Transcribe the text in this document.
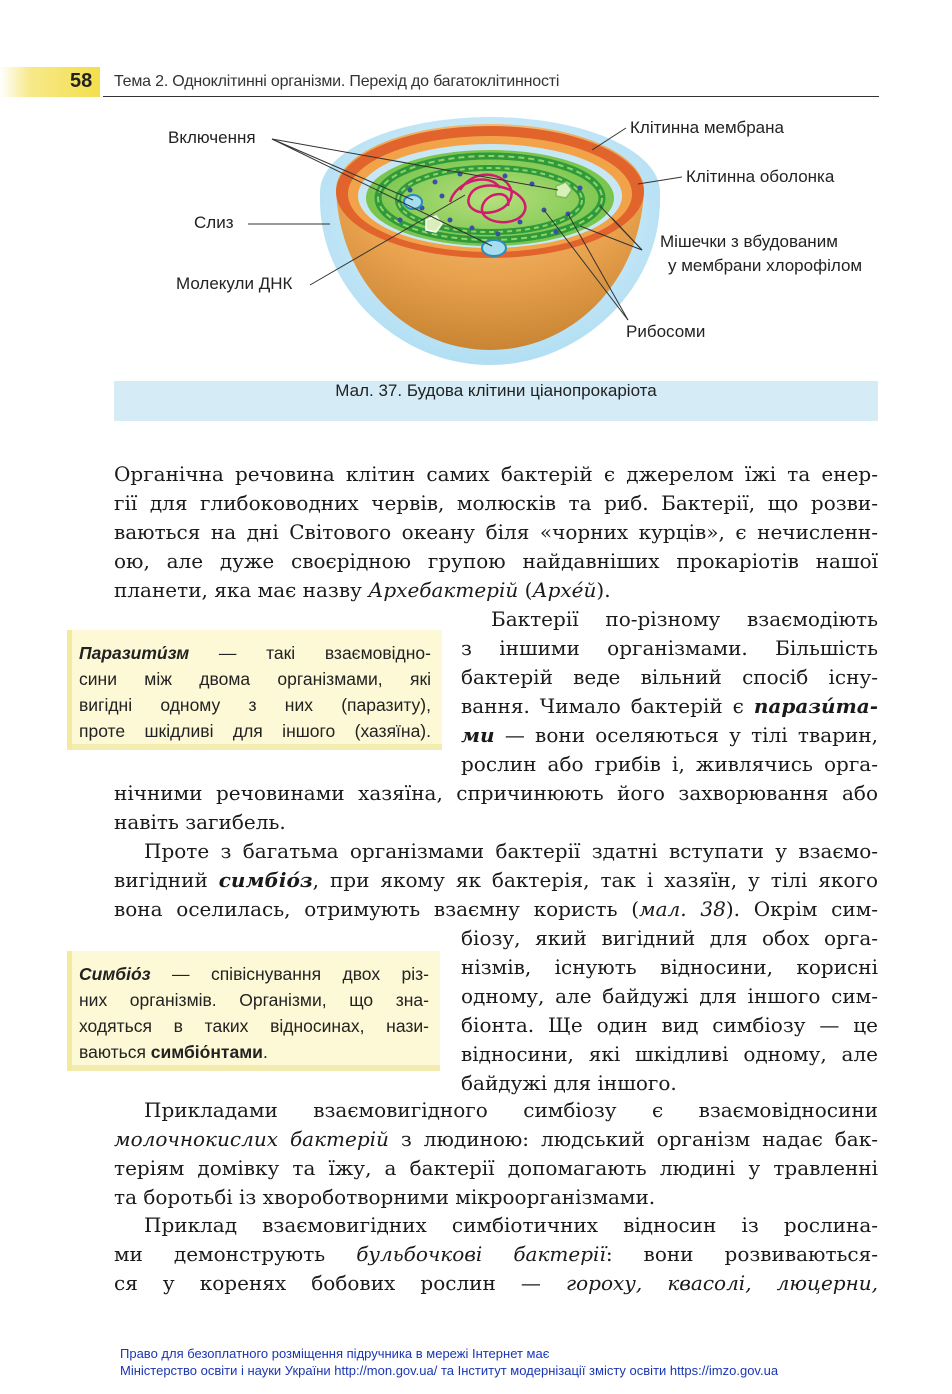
58 Тема 2. Одноклітинні організми. Перехід до багатоклітинності
Включення
Слиз
Молекули ДНК
Клітинна мембрана
Клітинна оболонка
Мішечки з вбудованим
у мембрани хлорофілом
Рибосоми
Мал. 37. Будова клітини ціанопрокаріота
Органічна речовина клітин самих бактерій є джерелом їжі та енер-
гії для глибоководних червів, молюсків та риб. Бактерії, що розви-
ваються на дні Світового океану біля «чорних курців», є нечисленн-
ою, але дуже своєрідною групою найдавніших прокаріотів нашої
планети, яка має назву Архебактерій (Архе́й).
Бактерії по-різному взаємодіють
з іншими організмами. Більшість
бактерій веде вільний спосіб існу-
вання. Чимало бактерій є парази́та-
ми — вони оселяються у тілі тварин,
рослин або грибів і, живлячись орга-
нічними речовинами хазяїна, спричинюють його захворювання або
навіть загибель.
Паразити́зм — такі взаємовідно-
сини між двома організмами, які
вигідні одному з них (паразиту),
проте шкідливі для іншого (хазяїна).
Проте з багатьма організмами бактерії здатні вступати у взаємо-
вигідний симбіо́з, при якому як бактерія, так і хазяїн, у тілі якого
вона оселилась, отримують взаємну користь (мал. 38). Окрім сим-
біозу, який вигідний для обох орга-
нізмів, існують відносини, корисні
одному, але байдужі для іншого сим-
біонта. Ще один вид симбіозу — це
відносини, які шкідливі одному, але
байдужі для іншого.
Симбіо́з — співіснування двох різ-
них організмів. Організми, що зна-
ходяться в таких відносинах, нази-
ваються симбіо́нтами.
Прикладами взаємовигідного симбіозу є взаємовідносини
молочнокислих бактерій з людиною: людський організм надає бак-
теріям домівку та їжу, а бактерії допомагають людині у травленні
та боротьбі із хвороботворними мікроорганізмами.
Приклад взаємовигідних симбіотичних відносин із рослина-
ми демонструють бульбочкові бактерії: вони розвиваються-
ся у коренях бобових рослин — гороху, квасолі, люцерни,
Право для безоплатного розміщення підручника в мережі Інтернет має
Міністерство освіти і науки України http://mon.gov.ua/ та Інститут модернізації змісту освіти https://imzo.gov.ua
